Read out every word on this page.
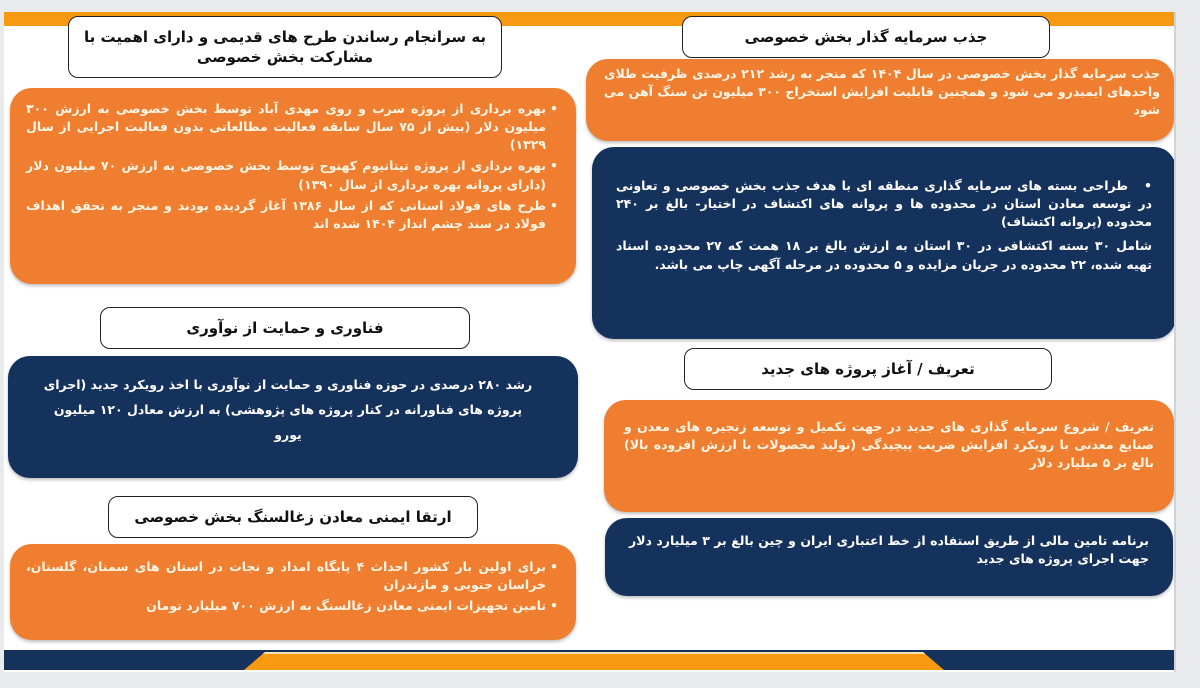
جذب سرمایه گذار بخش خصوصی

جذب سرمایه گذار بخش خصوصی در سال ۱۴۰۴ که منجر به رشد ۲۱۲ درصدی ظرفیت طلای واحدهای ایمیدرو می شود و همچنین قابلیت افزایش استخراج ۳۰۰ میلیون تن سنگ آهن می شود

•   طراحی بسته های سرمایه گذاری منطقه ای با هدف جذب بخش خصوصی و تعاونی در توسعه معادن استان در محدوده ها و پروانه های اکتشاف در اختیار- بالغ بر ۲۴۰ محدوده (پروانه اکتشاف)

شامل ۳۰ بسته اکتشافی در ۳۰ استان به ارزش بالغ بر ۱۸ همت که ۲۷ محدوده اسناد تهیه شده، ۲۲ محدوده در جریان مزایده و ۵ محدوده در مرحله آگهی چاپ می باشد.

تعریف / آغاز پروژه های جدید

تعریف / شروع سرمایه گذاری های جدید در جهت تکمیل و توسعه زنجیره های معدن و صنایع معدنی با رویکرد افزایش ضریب پیچیدگی (تولید محصولات با ارزش افزوده بالا) بالغ بر ۵ میلیارد دلار

برنامه تامین مالی از طریق استفاده از خط اعتباری ایران و چین بالغ بر ۳ میلیارد دلار جهت اجرای پروژه های جدید

به سرانجام رساندن طرح های قدیمی و دارای اهمیت با مشارکت بخش خصوصی
•
بهره برداری از پروژه سرب و روی مهدی آباد توسط بخش خصوصی به ارزش ۳۰۰ میلیون دلار (بیش از ۷۵ سال سابقه فعالیت مطالعاتی بدون فعالیت اجرایی از سال ۱۳۲۹)
•
بهره برداری از پروژه تیتانیوم کهنوج توسط بخش خصوصی به ارزش ۷۰ میلیون دلار (دارای پروانه بهره برداری از سال ۱۳۹۰)
•
طرح های فولاد استانی که از سال ۱۳۸۶ آغاز گردیده بودند و منجر به تحقق اهداف فولاد در سند چشم انداز ۱۴۰۴ شده اند
فناوری و حمایت از نوآوری

رشد ۲۸۰ درصدی در حوزه فناوری و حمایت از نوآوری با اخذ رویکرد جدید (اجرای پروژه های فناورانه در کنار پروژه های پژوهشی) به ارزش معادل ۱۲۰ میلیون یورو

ارتقا ایمنی معادن زغالسنگ بخش خصوصی
•
برای اولین بار کشور احداث ۴ پایگاه امداد و نجات در استان های سمنان، گلستان، خراسان جنوبی و مازندران
•
تامین تجهیزات ایمنی معادن زغالسنگ به ارزش ۷۰۰ میلیارد تومان
